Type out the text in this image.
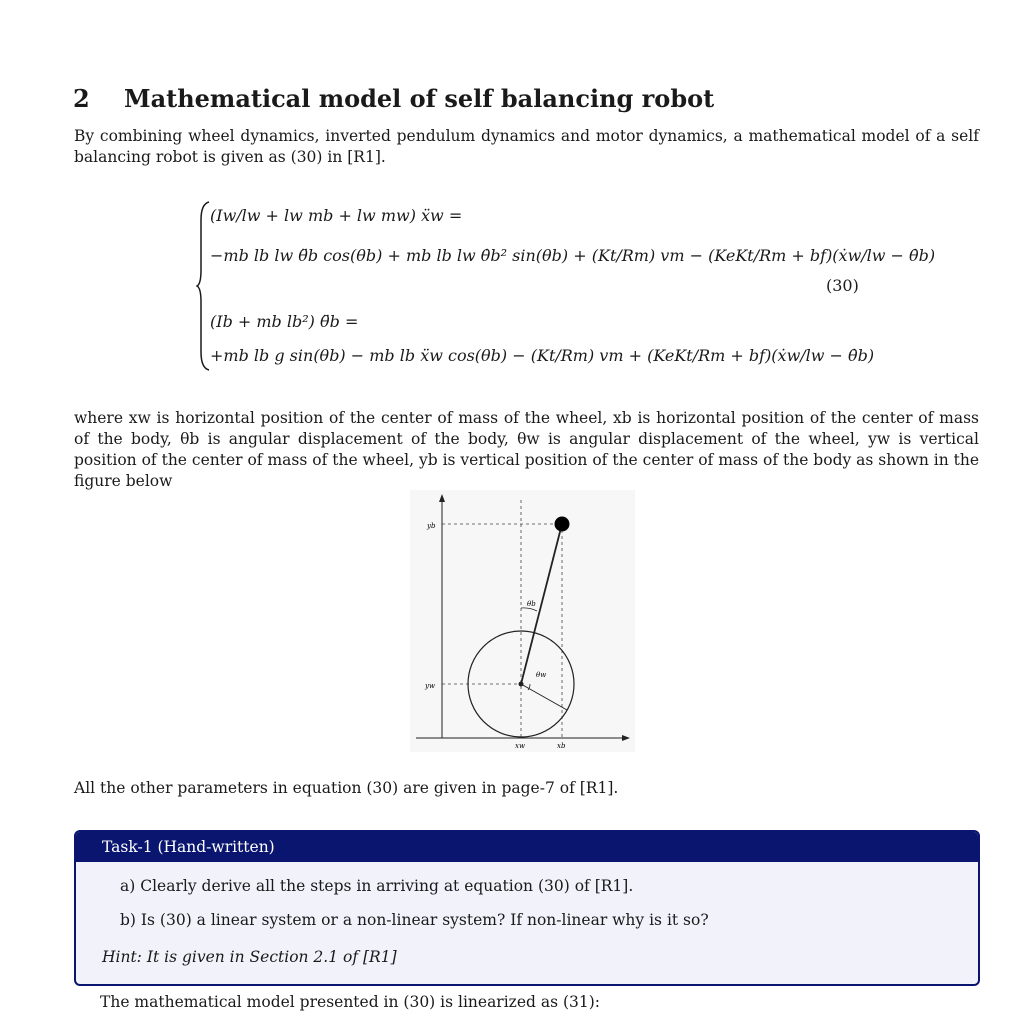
2 Mathematical model of self balancing robot
By combining wheel dynamics, inverted pendulum dynamics and motor dynamics, a mathematical model of a self balancing robot is given as (30) in [R1].
(Iw/lw + lw mb + lw mw) ẍw =
−mb lb lw θ̈b cos(θb) + mb lb lw θ̇b² sin(θb) + (Kt/Rm) vm − (KeKt/Rm + bf)(ẋw/lw − θ̇b)
(Ib + mb lb²) θ̈b =
+mb lb g sin(θb) − mb lb ẍw cos(θb) − (Kt/Rm) vm + (KeKt/Rm + bf)(ẋw/lw − θ̇b)
(30)
where xw is horizontal position of the center of mass of the wheel, xb is horizontal position of the center of mass of the body, θb is angular displacement of the body, θw is angular displacement of the wheel, yw is vertical position of the center of mass of the wheel, yb is vertical position of the center of mass of the body as shown in the figure below
yb
yw
xw	xb
θb
θw
All the other parameters in equation (30) are given in page-7 of [R1].
Task-1 (Hand-written)
a) Clearly derive all the steps in arriving at equation (30) of [R1].
b) Is (30) a linear system or a non-linear system? If non-linear why is it so?
Hint: It is given in Section 2.1 of [R1]
The mathematical model presented in (30) is linearized as (31):
